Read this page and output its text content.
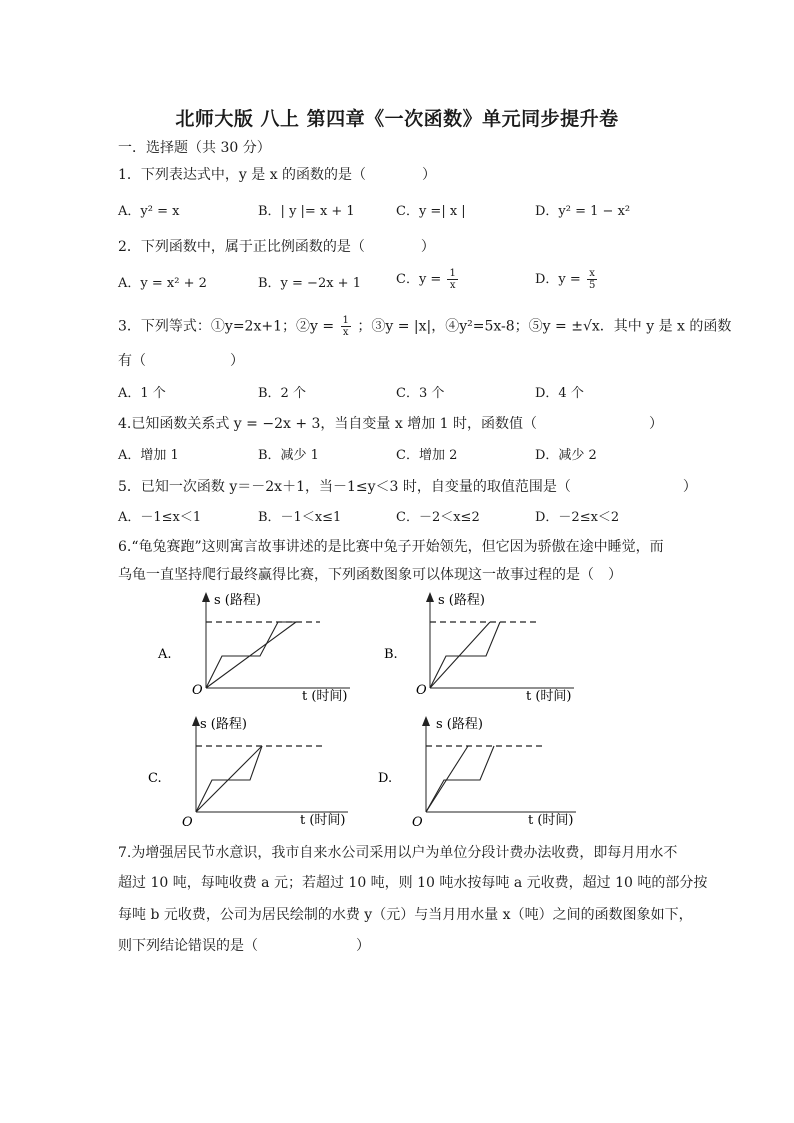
北师大版 八上 第四章《一次函数》单元同步提升卷
一．选择题（共 30 分）
1．下列表达式中，y 是 x 的函数的是（　　　　）
A．y² = x	B．| y |= x + 1	C．y =| x |	D．y² = 1 − x²
2．下列函数中，属于正比例函数的是（　　　　）
A．y = x² + 2	B．y = −2x + 1	C．$y = \frac{1}{x}$	D．$y = \frac{x}{5}$
3．下列等式：①y=2x+1；②y = $\frac{1}{x}$ ；③y = |x|，④y²=5x-8；⑤y = ±√x．其中 y 是 x 的函数
有（　　　　　　）
A．1 个	B．2 个	C．3 个	D．4 个
4.已知函数关系式 y = −2x + 3，当自变量 x 增加 1 时，函数值（　　　　　　　　）
A．增加 1	B．减少 1	C．增加 2	D．减少 2
5．已知一次函数 y＝－2x＋1，当－1≤y＜3 时，自变量的取值范围是（　　　　　　　　）
A．－1≤x＜1	B．－1＜x≤1	C．－2＜x≤2	D．－2≤x＜2
6.“龟兔赛跑”这则寓言故事讲述的是比赛中兔子开始领先，但它因为骄傲在途中睡觉，而
乌龟一直坚持爬行最终赢得比赛，下列函数图象可以体现这一故事过程的是（　）
A.
s (路程)
O	t (时间)
B.
s (路程)
O	t (时间)
C.
s (路程)
O	t (时间)
D.
s (路程)
O	t (时间)
7.为增强居民节水意识，我市自来水公司采用以户为单位分段计费办法收费，即每月用水不
超过 10 吨，每吨收费 a 元；若超过 10 吨，则 10 吨水按每吨 a 元收费，超过 10 吨的部分按
每吨 b 元收费，公司为居民绘制的水费 y（元）与当月用水量 x（吨）之间的函数图象如下，
则下列结论错误的是（　　　　　　　）
